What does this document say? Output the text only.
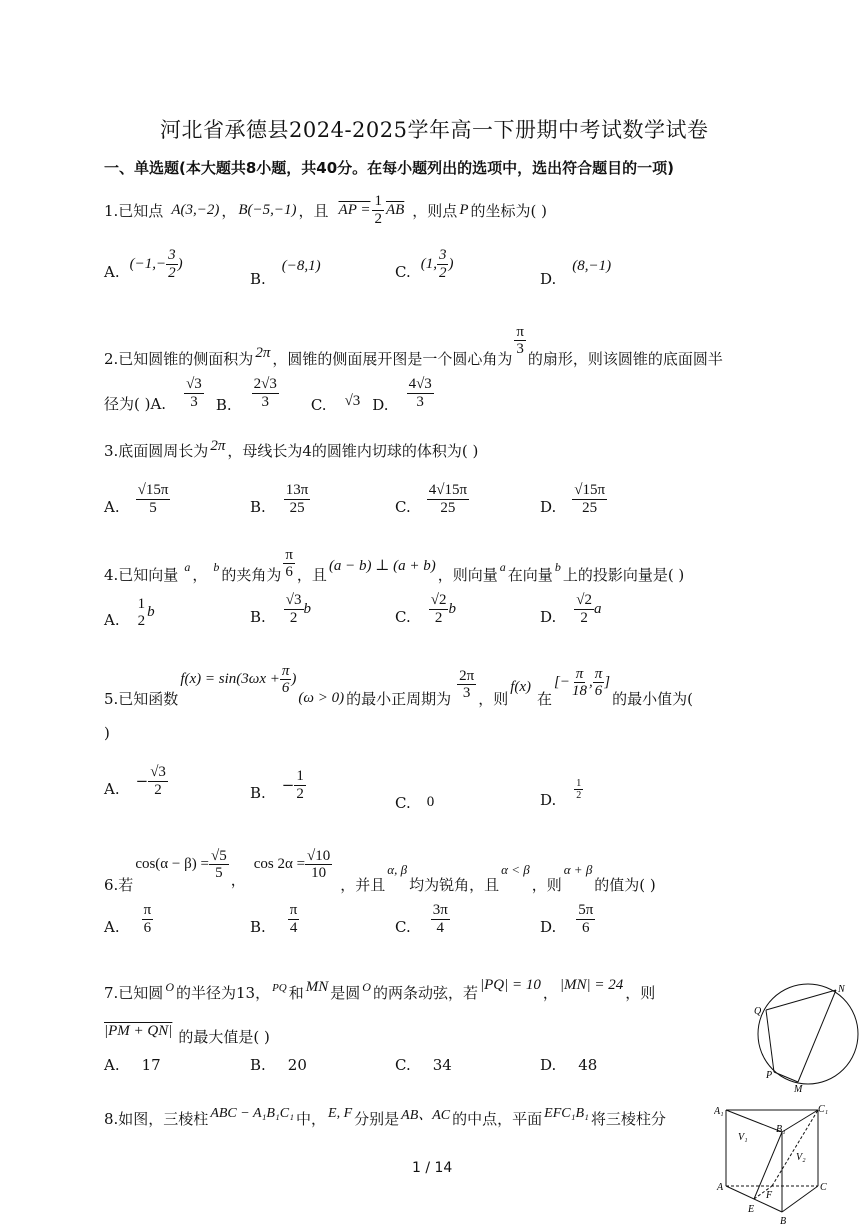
河北省承德县2024-2025学年高一下册期中考试数学试卷
一、单选题(本大题共8小题，共40分。在每小题列出的选项中，选出符合题目的一项)
1.已知点 A(3,−2) ， B(−5,−1) ，且 AP = $\frac{1}{2} \overline{AB}$ ，则点 P 的坐标为( )
A. ($-1,- \frac{3}{2}$ )
B.
(−8,1)	C. (1, $\frac{3}{2}$ )
D.
(8,−1)
2.已知圆锥的侧面积为 2π ，圆锥的侧面展开图是一个圆心角为
$\frac{\pi}{3}$
的扇形，则该圆锥的底面圆半
径为( )A. $\frac{√3}{3} B$. $\frac{2√3}{3} C$. √3 D. $\frac{4√3}{3}$
3.底面圆周长为 2π ，母线长为4的圆锥内切球的体积为( )
A. $\frac{√15\pi}{5}$	B. $\frac{13\pi}{25}$	C. $\frac{4√15\pi}{25}$	D. $\frac{√15\pi}{25}$
4.已知向量 a ， b 的夹角为 $\frac{\pi}{6}$ ，且 (a − b) ⊥ (a + b) ，则向量 a 在向量 b 上的投影向量是( )
A.
1
2
b	B. $\frac{√3}{2}$ b	C. $\frac{√2}{2}$ b	D. $\frac{√2}{2}$ a
5.已知函数
$f(x) = \sin(3\omega x + \frac{\pi}{6}$ )
(ω > 0) 的最小正周期为 $\frac{2\pi}{3}$ ，则
f(x)
在
[− $\frac{\pi}{18}$ , $\frac{\pi}{6}$ ]
的最小值为(
)
A. − $\frac{√3}{2}$	B. − $\frac{1}{2}$
C. 0	D. $\frac{1}{2}$
6.若
$\cos(\alpha - \beta) = \frac{√5}{5}$ ，
$\cos 2\alpha = \frac{√10}{10}$
，并且
α, β
均为锐角，且
α < β
，则
α + β
的值为( )
A. $\frac{\pi}{6}$	B. $\frac{\pi}{4}$	C. $\frac{3\pi}{4}$	D. $\frac{5\pi}{6}$
7.已知圆 O 的半径为13， PQ 和 MN 是圆 O 的两条动弦，若 |PQ| = 10 ， |MN| = 24 ，则
|PM + QN| 的最大值是( )
A. 17	B. 20	C. 34	D. 48
Q
N
P
M
8.如图，三棱柱 ABC − A₁B₁C₁ 中， E, F 分别是 AB、AC 的中点，平面 EFC₁B₁ 将三棱柱分	A₁	C₁
B₁
V₁
V₂
A	C
F
E
B
1 / 14
